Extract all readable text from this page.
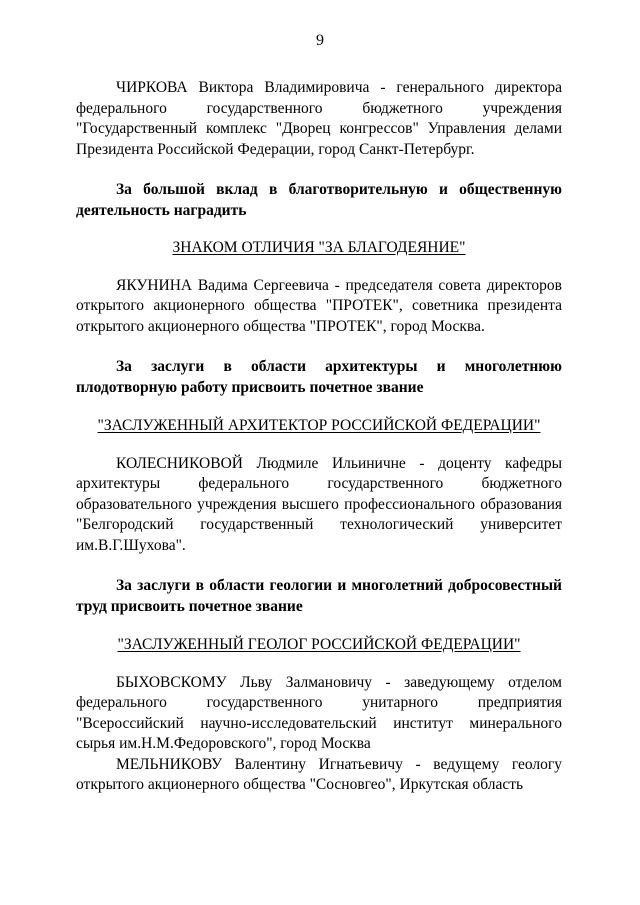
9

ЧИРКОВА Виктора Владимировича - генерального директора федерального государственного бюджетного учреждения "Государственный комплекс "Дворец конгрессов" Управления делами Президента Российской Федерации, город Санкт-Петербург.

За большой вклад в благотворительную и общественную деятельность наградить

ЗНАКОМ ОТЛИЧИЯ "ЗА БЛАГОДЕЯНИЕ"

ЯКУНИНА Вадима Сергеевича - председателя совета директоров открытого акционерного общества "ПРОТЕК", советника президента открытого акционерного общества "ПРОТЕК", город Москва.

За заслуги в области архитектуры и многолетнюю плодотворную работу присвоить почетное звание

"ЗАСЛУЖЕННЫЙ АРХИТЕКТОР РОССИЙСКОЙ ФЕДЕРАЦИИ"

КОЛЕСНИКОВОЙ Людмиле Ильиничне - доценту кафедры архитектуры федерального государственного бюджетного образовательного учреждения высшего профессионального образования "Белгородский государственный технологический университет им.В.Г.Шухова".

За заслуги в области геологии и многолетний добросовестный труд присвоить почетное звание

"ЗАСЛУЖЕННЫЙ ГЕОЛОГ РОССИЙСКОЙ ФЕДЕРАЦИИ"

БЫХОВСКОМУ Льву Залмановичу - заведующему отделом федерального государственного унитарного предприятия "Всероссийский научно-исследовательский институт минерального сырья им.Н.М.Федоровского", город Москва

МЕЛЬНИКОВУ Валентину Игнатьевичу - ведущему геологу открытого акционерного общества "Сосновгео", Иркутская область
